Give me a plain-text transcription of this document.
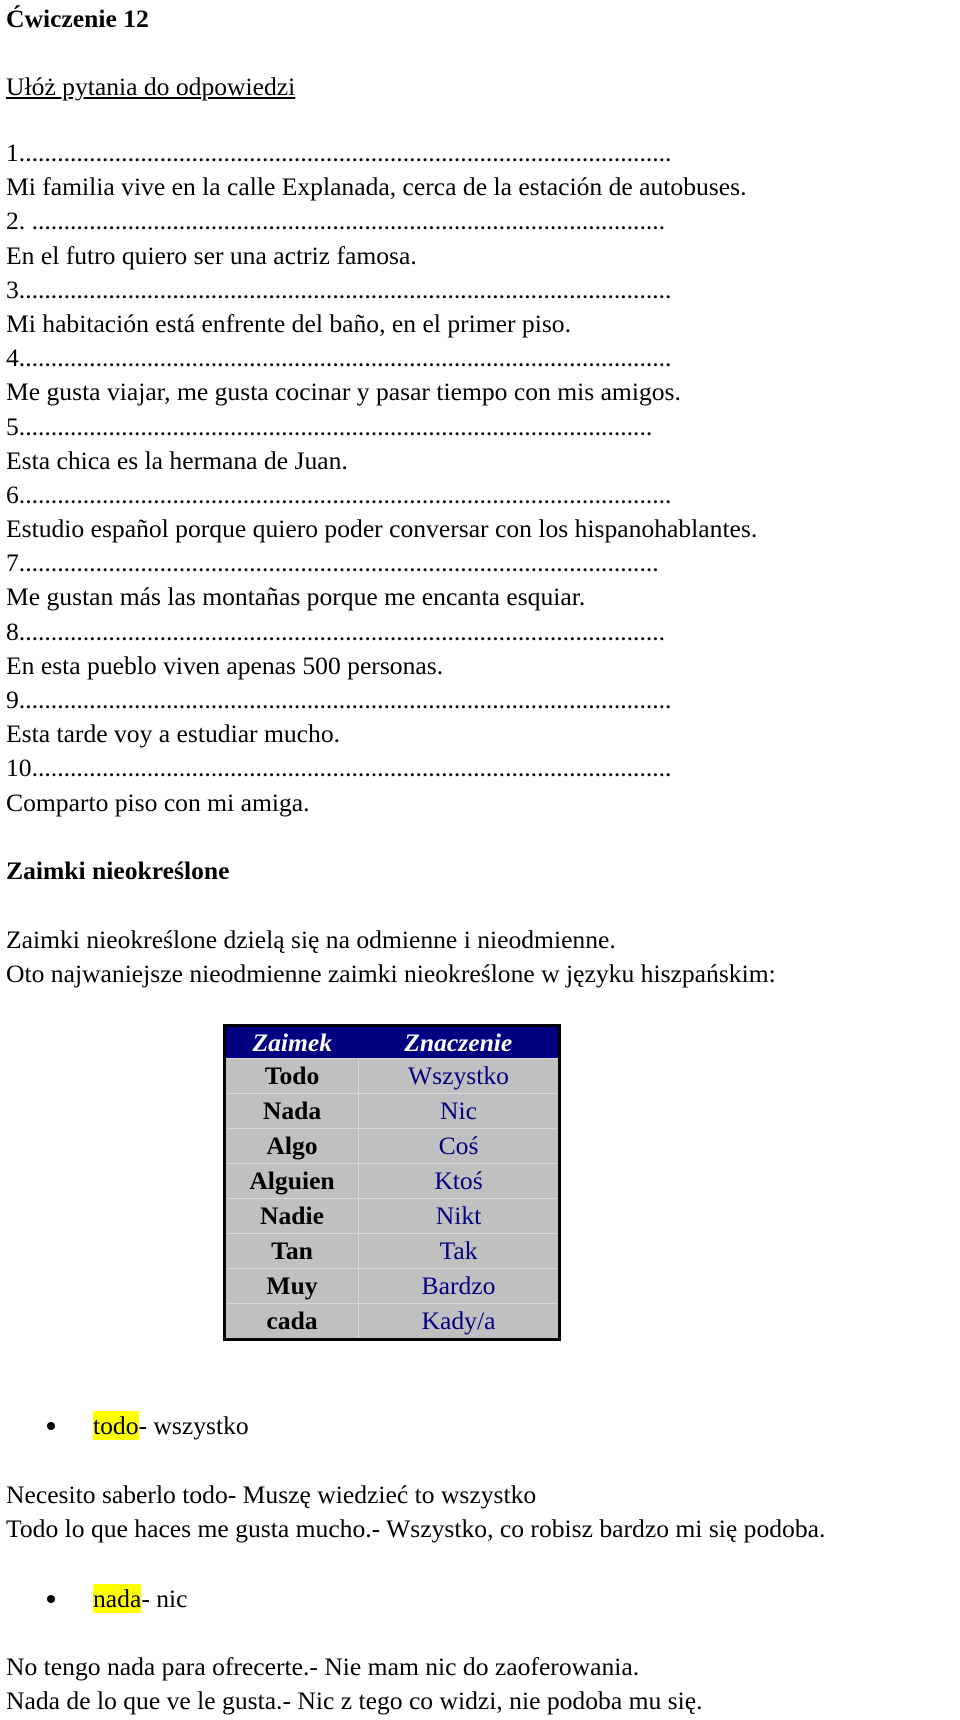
Ćwiczenie 12
Ułóż pytania do odpowiedzi
1......................................................................................................
Mi familia vive en la calle Explanada, cerca de la estación de autobuses.
2. ...................................................................................................
En el futro quiero ser una actriz famosa.
3......................................................................................................
Mi habitación está enfrente del baño, en el primer piso.
4......................................................................................................
Me gusta viajar, me gusta cocinar y pasar tiempo con mis amigos.
5...................................................................................................
Esta chica es la hermana de Juan.
6......................................................................................................
Estudio español porque quiero poder conversar con los hispanohablantes.
7....................................................................................................
Me gustan más las montañas porque me encanta esquiar.
8.....................................................................................................
En esta pueblo viven apenas 500 personas.
9......................................................................................................
Esta tarde voy a estudiar mucho.
10....................................................................................................
Comparto piso con mi amiga.
Zaimki nieokreślone
Zaimki nieokreślone dzielą się na odmienne i nieodmienne.
Oto najwaniejsze nieodmienne zaimki nieokreślone w języku hiszpańskim:
Zaimek	Znaczenie
Todo	Wszystko
Nada	Nic
Algo	Coś
Alguien	Ktoś
Nadie	Nikt
Tan	Tak
Muy	Bardzo
cada	Kady/a
todo- wszystko
Necesito saberlo todo- Muszę wiedzieć to wszystko
Todo lo que haces me gusta mucho.- Wszystko, co robisz bardzo mi się podoba.
nada- nic
No tengo nada para ofrecerte.- Nie mam nic do zaoferowania.
Nada de lo que ve le gusta.- Nic z tego co widzi, nie podoba mu się.
